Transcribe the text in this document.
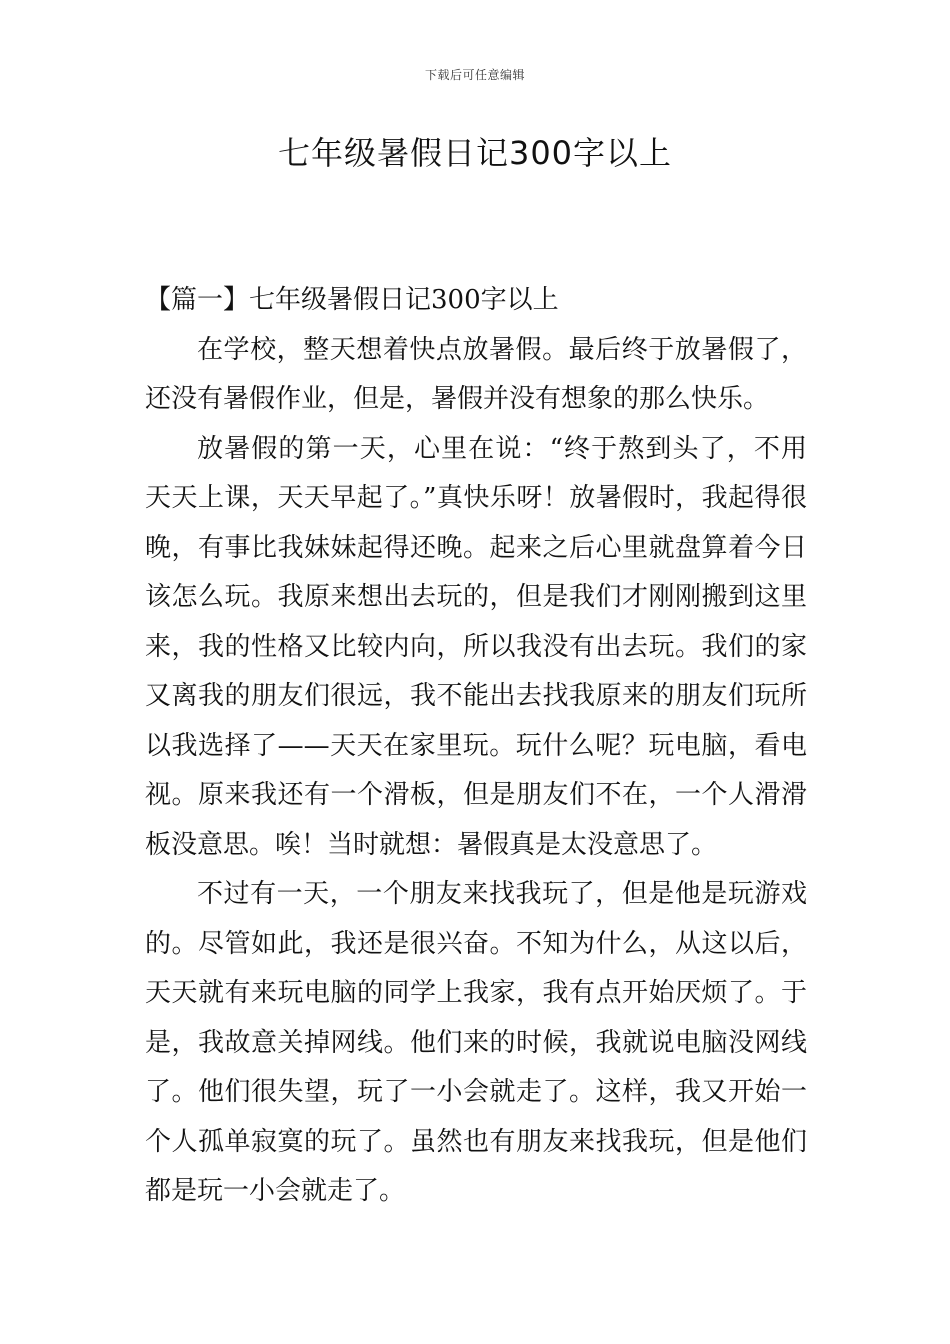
下载后可任意编辑
七年级暑假日记300字以上

【篇一】七年级暑假日记300字以上

在学校，整天想着快点放暑假。最后终于放暑假了，还没有暑假作业，但是，暑假并没有想象的那么快乐。

放暑假的第一天，心里在说：“终于熬到头了，不用天天上课，天天早起了。”真快乐呀！放暑假时，我起得很晚，有事比我妹妹起得还晚。起来之后心里就盘算着今日该怎么玩。我原来想出去玩的，但是我们才刚刚搬到这里来，我的性格又比较内向，所以我没有出去玩。我们的家又离我的朋友们很远，我不能出去找我原来的朋友们玩所以我选择了——天天在家里玩。玩什么呢？玩电脑，看电视。原来我还有一个滑板，但是朋友们不在，一个人滑滑板没意思。唉！当时就想：暑假真是太没意思了。

不过有一天，一个朋友来找我玩了，但是他是玩游戏的。尽管如此，我还是很兴奋。不知为什么，从这以后，天天就有来玩电脑的同学上我家，我有点开始厌烦了。于是，我故意关掉网线。他们来的时候，我就说电脑没网线了。他们很失望，玩了一小会就走了。这样，我又开始一个人孤单寂寞的玩了。虽然也有朋友来找我玩，但是他们都是玩一小会就走了。
